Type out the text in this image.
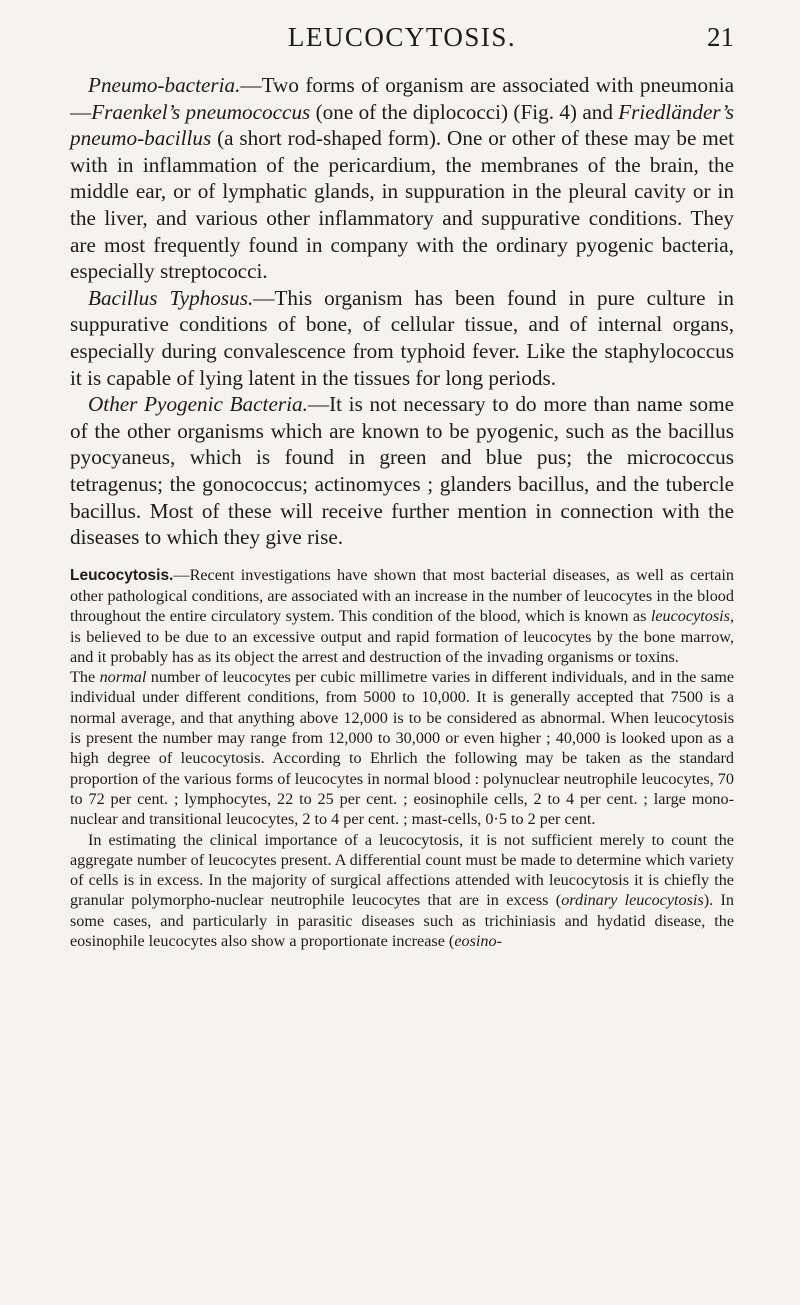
LEUCOCYTOSIS.	21

Pneumo-bacteria.—Two forms of organism are associated with pneumonia—Fraenkel’s pneumococcus (one of the diplococci) (Fig. 4) and Friedländer’s pneumo-bacillus (a short rod-shaped form). One or other of these may be met with in inflammation of the pericardium, the membranes of the brain, the middle ear, or of lymphatic glands, in suppuration in the pleural cavity or in the liver, and various other inflammatory and suppurative conditions. They are most frequently found in company with the ordinary pyogenic bacteria, especially streptococci.

Bacillus Typhosus.—This organism has been found in pure culture in suppurative conditions of bone, of cellular tissue, and of internal organs, especially during convalescence from typhoid fever. Like the staphylococcus it is capable of lying latent in the tissues for long periods.

Other Pyogenic Bacteria.—It is not necessary to do more than name some of the other organisms which are known to be pyogenic, such as the bacillus pyocyaneus, which is found in green and blue pus; the micrococcus tetragenus; the gonococcus; actinomyces ; glanders bacillus, and the tubercle bacillus. Most of these will receive further mention in connection with the diseases to which they give rise.

Leucocytosis.—Recent investigations have shown that most bacterial diseases, as well as certain other pathological conditions, are associated with an increase in the number of leucocytes in the blood throughout the entire circulatory system. This condition of the blood, which is known as leucocytosis, is believed to be due to an excessive output and rapid formation of leucocytes by the bone marrow, and it probably has as its object the arrest and destruction of the invading organisms or toxins.

The normal number of leucocytes per cubic millimetre varies in different individuals, and in the same individual under different conditions, from 5000 to 10,000. It is generally accepted that 7500 is a normal average, and that anything above 12,000 is to be considered as abnormal. When leucocytosis is present the number may range from 12,000 to 30,000 or even higher ; 40,000 is looked upon as a high degree of leucocytosis. According to Ehrlich the following may be taken as the standard proportion of the various forms of leucocytes in normal blood : polynuclear neutrophile leucocytes, 70 to 72 per cent. ; lymphocytes, 22 to 25 per cent. ; eosinophile cells, 2 to 4 per cent. ; large mononuclear and transitional leucocytes, 2 to 4 per cent. ; mast-cells, 0·5 to 2 per cent.

In estimating the clinical importance of a leucocytosis, it is not sufficient merely to count the aggregate number of leucocytes present. A differential count must be made to determine which variety of cells is in excess. In the majority of surgical affections attended with leucocytosis it is chiefly the granular polymorpho-nuclear neutrophile leucocytes that are in excess (ordinary leucocytosis). In some cases, and particularly in parasitic diseases such as trichiniasis and hydatid disease, the eosinophile leucocytes also show a proportionate increase (eosino-
